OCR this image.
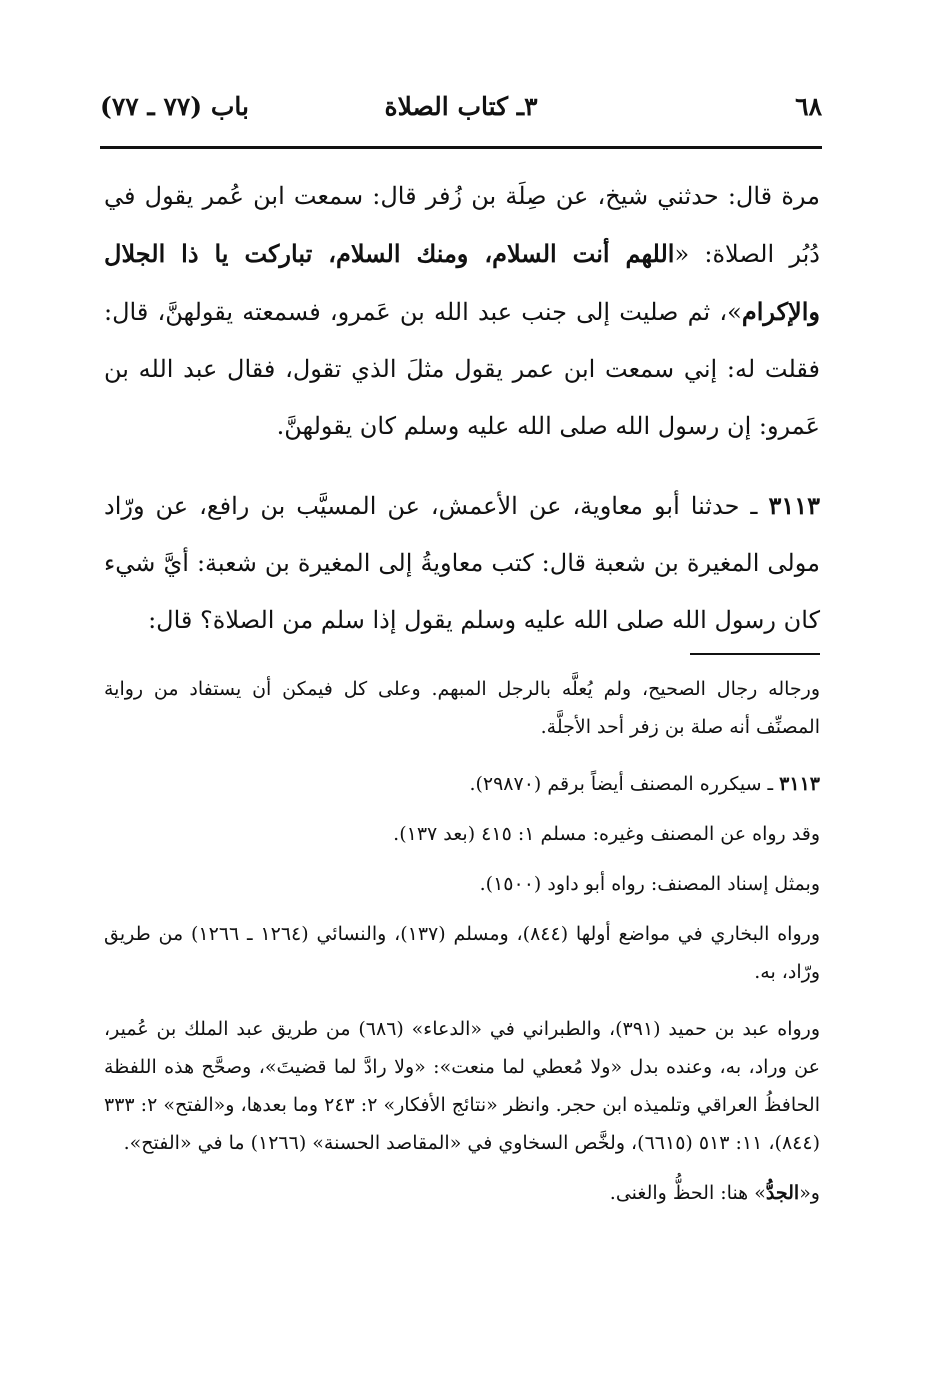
٦٨
٣ـ كتاب الصلاة
باب (٧٧ ـ ٧٧)

مرة قال: حدثني شيخ، عن صِلَة بن زُفر قال: سمعت ابن عُمر يقول في دُبُر الصلاة: «اللهم أنت السلام، ومنك السلام، تباركت يا ذا الجلال والإكرام»، ثم صليت إلى جنب عبد الله بن عَمرو، فسمعته يقولهنَّ، قال: فقلت له: إني سمعت ابن عمر يقول مثلَ الذي تقول، فقال عبد الله بن عَمرو: إن رسول الله صلى الله عليه وسلم كان يقولهنَّ.

٣١١٣ ـ حدثنا أبو معاوية، عن الأعمش، عن المسيَّب بن رافع، عن ورّاد مولى المغيرة بن شعبة قال: كتب معاويةُ إلى المغيرة بن شعبة: أيَّ شيء كان رسول الله صلى الله عليه وسلم يقول إذا سلم من الصلاة؟ قال:

ورجاله رجال الصحيح، ولم يُعلَّه بالرجل المبهم. وعلى كل فيمكن أن يستفاد من رواية المصنِّف أنه صلة بن زفر أحد الأجلَّة.

٣١١٣ ـ سيكرره المصنف أيضاً برقم (٢٩٨٧٠).

وقد رواه عن المصنف وغيره: مسلم ١: ٤١٥ (بعد ١٣٧).

وبمثل إسناد المصنف: رواه أبو داود (١٥٠٠).

ورواه البخاري في مواضع أولها (٨٤٤)، ومسلم (١٣٧)، والنسائي (١٢٦٤ ـ ١٢٦٦) من طريق ورّاد، به.

ورواه عبد بن حميد (٣٩١)، والطبراني في «الدعاء» (٦٨٦) من طريق عبد الملك بن عُمير، عن وراد، به، وعنده بدل «ولا مُعطي لما منعت»: «ولا رادَّ لما قضيتَ»، وصحَّح هذه اللفظة الحافظُ العراقي وتلميذه ابن حجر. وانظر «نتائج الأفكار» ٢: ٢٤٣ وما بعدها، و«الفتح» ٢: ٣٣٣ (٨٤٤)، ١١: ٥١٣ (٦٦١٥)، ولخَّص السخاوي في «المقاصد الحسنة» (١٢٦٦) ما في «الفتح».

و«الجدُّ» هنا: الحظُّ والغنى.
